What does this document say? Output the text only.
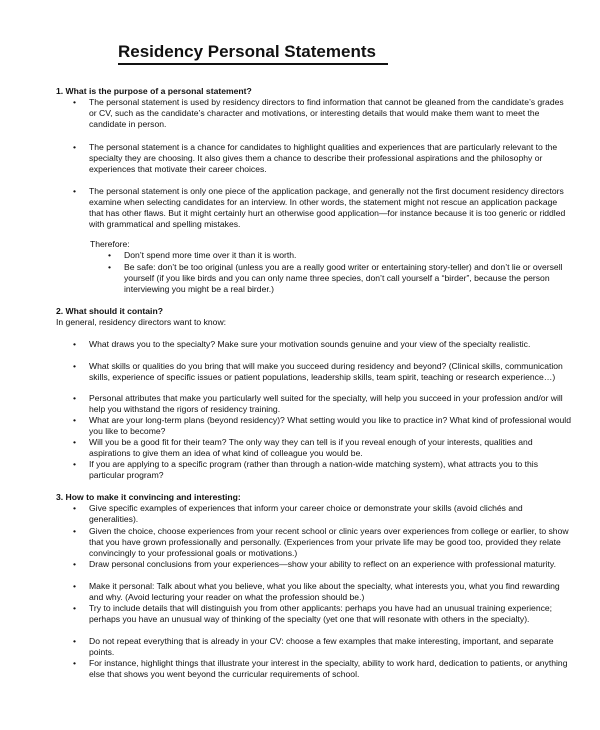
Residency Personal Statements
1. What is the purpose of a personal statement?
• The personal statement is used by residency directors to find information that cannot be gleaned from the candidate’s grades or CV, such as the candidate’s character and motivations, or interesting details that would make them want to meet the candidate in person.
• The personal statement is a chance for candidates to highlight qualities and experiences that are particularly relevant to the specialty they are choosing. It also gives them a chance to describe their professional aspirations and the philosophy or experiences that motivate their career choices.
• The personal statement is only one piece of the application package, and generally not the first document residency directors examine when selecting candidates for an interview. In other words, the statement might not rescue an application package that has other flaws. But it might certainly hurt an otherwise good application—for instance because it is too generic or riddled with grammatical and spelling mistakes.
Therefore:
• Don’t spend more time over it than it is worth.
• Be safe: don’t be too original (unless you are a really good writer or entertaining story-teller) and don’t lie or oversell yourself (if you like birds and you can only name three species, don’t call yourself a “birder”, because the person interviewing you might be a real birder.)
2. What should it contain?
In general, residency directors want to know:
• What draws you to the specialty? Make sure your motivation sounds genuine and your view of the specialty realistic.
• What skills or qualities do you bring that will make you succeed during residency and beyond? (Clinical skills, communication skills, experience of specific issues or patient populations, leadership skills, team spirit, teaching or research experience…)
• Personal attributes that make you particularly well suited for the specialty, will help you succeed in your profession and/or will help you withstand the rigors of residency training.
• What are your long-term plans (beyond residency)? What setting would you like to practice in? What kind of professional would you like to become?
• Will you be a good fit for their team? The only way they can tell is if you reveal enough of your interests, qualities and aspirations to give them an idea of what kind of colleague you would be.
• If you are applying to a specific program (rather than through a nation-wide matching system), what attracts you to this particular program?
3. How to make it convincing and interesting:
• Give specific examples of experiences that inform your career choice or demonstrate your skills (avoid clichés and generalities).
• Given the choice, choose experiences from your recent school or clinic years over experiences from college or earlier, to show that you have grown professionally and personally. (Experiences from your private life may be good too, provided they relate convincingly to your professional goals or motivations.)
• Draw personal conclusions from your experiences—show your ability to reflect on an experience with professional maturity.
• Make it personal: Talk about what you believe, what you like about the specialty, what interests you, what you find rewarding and why. (Avoid lecturing your reader on what the profession should be.)
• Try to include details that will distinguish you from other applicants: perhaps you have had an unusual training experience; perhaps you have an unusual way of thinking of the specialty (yet one that will resonate with others in the specialty).
• Do not repeat everything that is already in your CV: choose a few examples that make interesting, important, and separate points.
• For instance, highlight things that illustrate your interest in the specialty, ability to work hard, dedication to patients, or anything else that shows you went beyond the curricular requirements of school.
